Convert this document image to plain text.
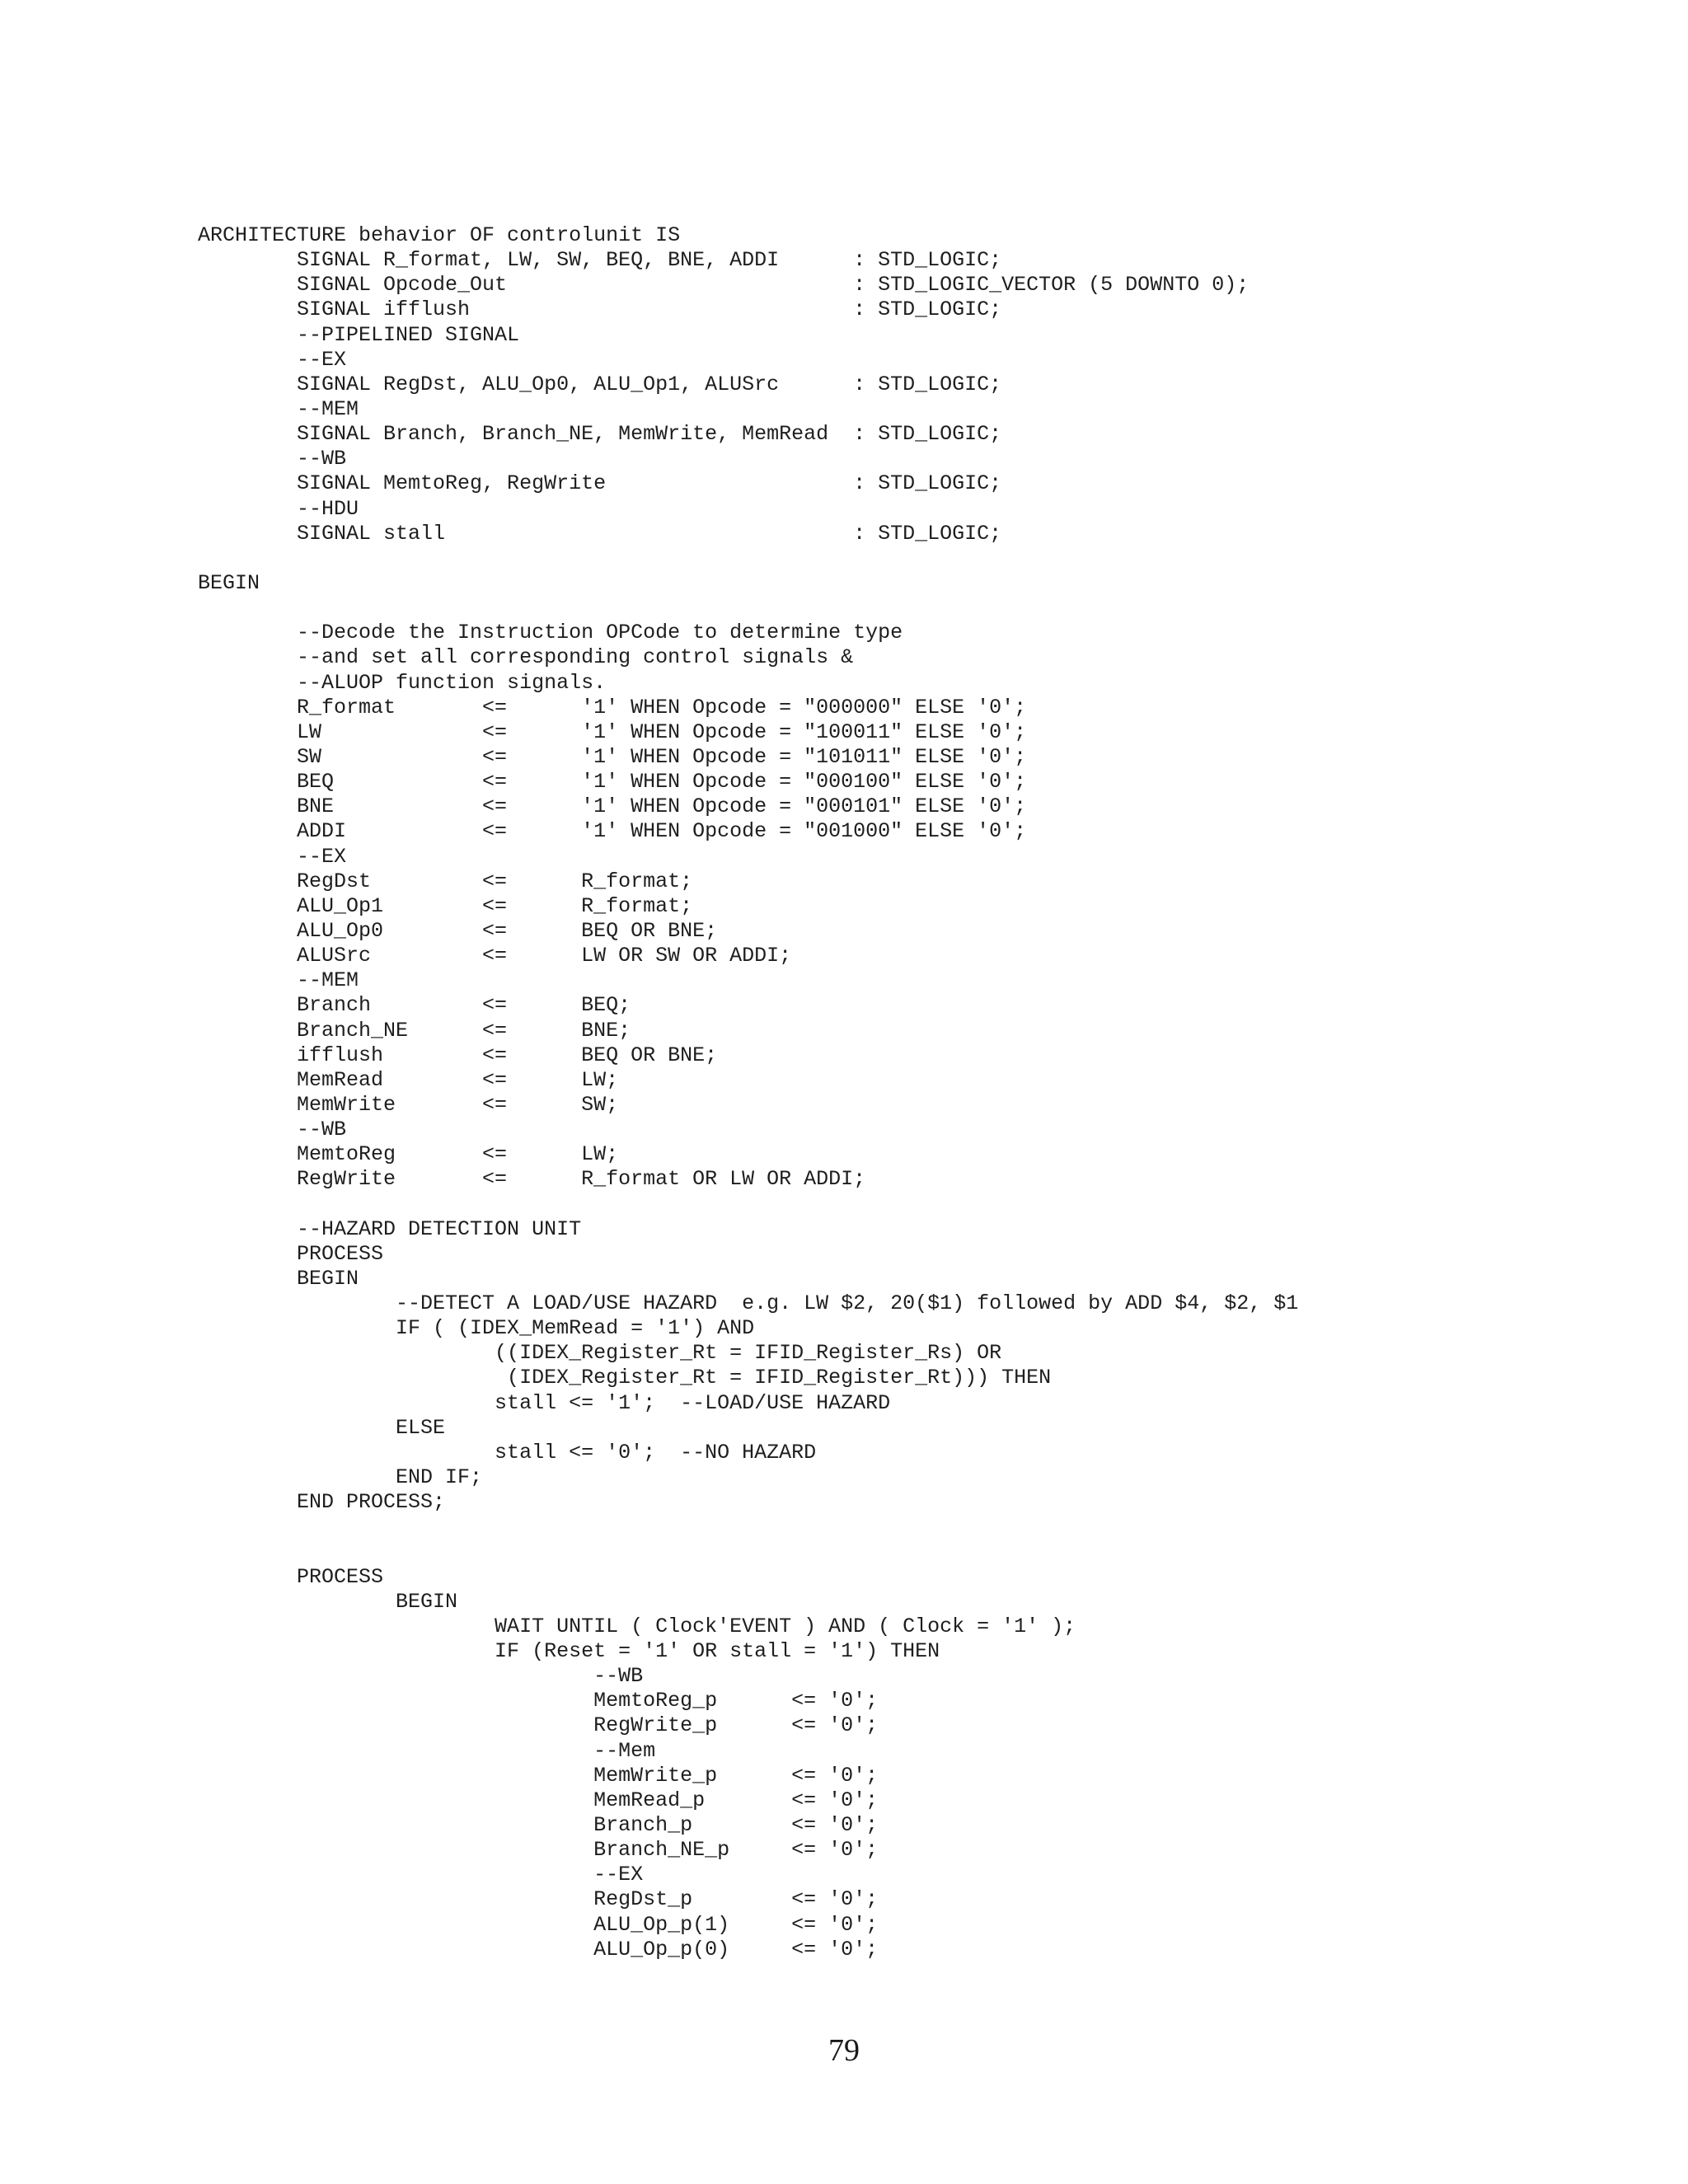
ARCHITECTURE behavior OF controlunit IS
SIGNAL R_format, LW, SW, BEQ, BNE, ADDI      : STD_LOGIC;
SIGNAL Opcode_Out                            : STD_LOGIC_VECTOR (5 DOWNTO 0);
SIGNAL ifflush                               : STD_LOGIC;
--PIPELINED SIGNAL
--EX
SIGNAL RegDst, ALU_Op0, ALU_Op1, ALUSrc      : STD_LOGIC;
--MEM
SIGNAL Branch, Branch_NE, MemWrite, MemRead  : STD_LOGIC;
--WB
SIGNAL MemtoReg, RegWrite                    : STD_LOGIC;
--HDU
SIGNAL stall                                 : STD_LOGIC;
BEGIN
--Decode the Instruction OPCode to determine type
--and set all corresponding control signals &
--ALUOP function signals.
R_format       <=      '1' WHEN Opcode = "000000" ELSE '0';
LW             <=      '1' WHEN Opcode = "100011" ELSE '0';
SW             <=      '1' WHEN Opcode = "101011" ELSE '0';
BEQ            <=      '1' WHEN Opcode = "000100" ELSE '0';
BNE            <=      '1' WHEN Opcode = "000101" ELSE '0';
ADDI           <=      '1' WHEN Opcode = "001000" ELSE '0';
--EX
RegDst         <=      R_format;
ALU_Op1        <=      R_format;
ALU_Op0        <=      BEQ OR BNE;
ALUSrc         <=      LW OR SW OR ADDI;
--MEM
Branch         <=      BEQ;
Branch_NE      <=      BNE;
ifflush        <=      BEQ OR BNE;
MemRead        <=      LW;
MemWrite       <=      SW;
--WB
MemtoReg       <=      LW;
RegWrite       <=      R_format OR LW OR ADDI;
--HAZARD DETECTION UNIT
PROCESS
BEGIN
--DETECT A LOAD/USE HAZARD  e.g. LW $2, 20($1) followed by ADD $4, $2, $1
IF ( (IDEX_MemRead = '1') AND
((IDEX_Register_Rt = IFID_Register_Rs) OR
(IDEX_Register_Rt = IFID_Register_Rt))) THEN
stall <= '1';  --LOAD/USE HAZARD
ELSE
stall <= '0';  --NO HAZARD
END IF;
END PROCESS;
PROCESS
BEGIN
WAIT UNTIL ( Clock'EVENT ) AND ( Clock = '1' );
IF (Reset = '1' OR stall = '1') THEN
--WB
MemtoReg_p      <= '0';
RegWrite_p      <= '0';
--Mem
MemWrite_p      <= '0';
MemRead_p       <= '0';
Branch_p        <= '0';
Branch_NE_p     <= '0';
--EX
RegDst_p        <= '0';
ALU_Op_p(1)     <= '0';
ALU_Op_p(0)     <= '0';
79
